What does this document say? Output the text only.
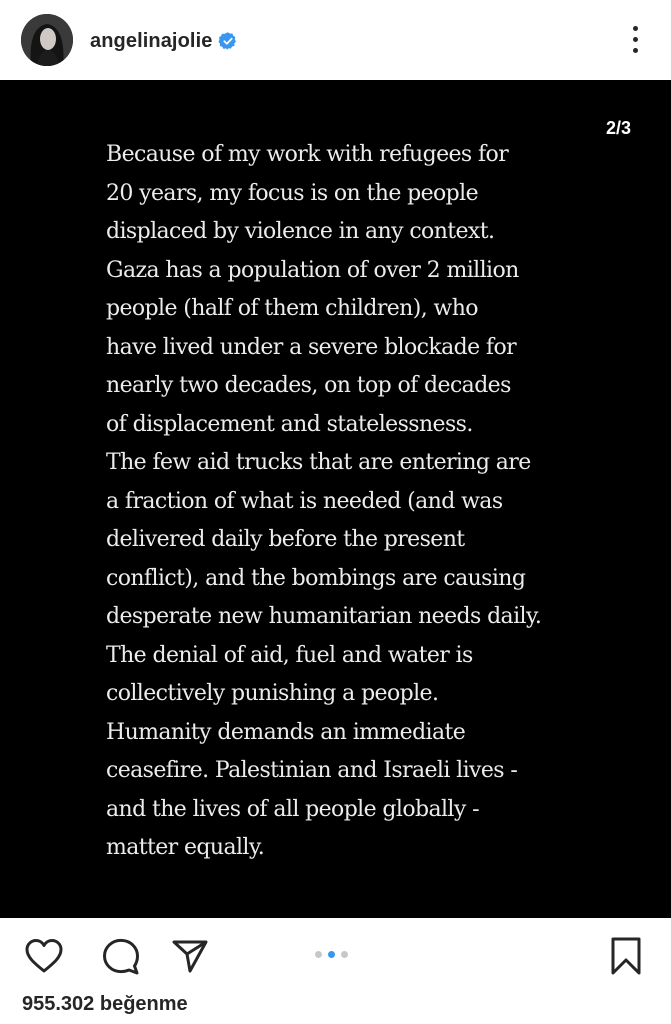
angelinajolie
2/3

Because of my work with refugees for
20 years, my focus is on the people
displaced by violence in any context.
Gaza has a population of over 2 million
people (half of them children), who
have lived under a severe blockade for
nearly two decades, on top of decades
of displacement and statelessness.
The few aid trucks that are entering are
a fraction of what is needed (and was
delivered daily before the present
conflict), and the bombings are causing
desperate new humanitarian needs daily.
The denial of aid, fuel and water is
collectively punishing a people.
Humanity demands an immediate
ceasefire. Palestinian and Israeli lives -
and the lives of all people globally -
matter equally.

955.302 beğenme
